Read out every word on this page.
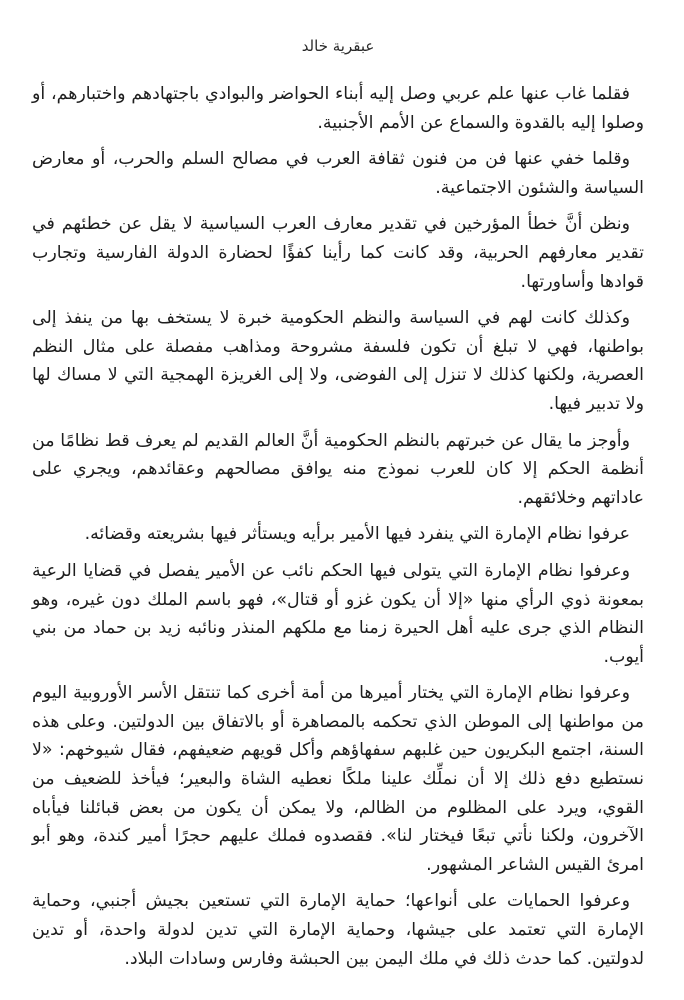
عبقرية خالد

فقلما غاب عنها علم عربي وصل إليه أبناء الحواضر والبوادي باجتهادهم واختبارهم، أو وصلوا إليه بالقدوة والسماع عن الأمم الأجنبية.

وقلما خفي عنها فن من فنون ثقافة العرب في مصالح السلم والحرب، أو معارض السياسة والشئون الاجتماعية.

ونظن أنَّ خطأ المؤرخين في تقدير معارف العرب السياسية لا يقل عن خطئهم في تقدير معارفهم الحربية، وقد كانت كما رأينا كفؤًا لحضارة الدولة الفارسية وتجارب قوادها وأساورتها.

وكذلك كانت لهم في السياسة والنظم الحكومية خبرة لا يستخف بها من ينفذ إلى بواطنها، فهي لا تبلغ أن تكون فلسفة مشروحة ومذاهب مفصلة على مثال النظم العصرية، ولكنها كذلك لا تنزل إلى الفوضى، ولا إلى الغريزة الهمجية التي لا مساك لها ولا تدبير فيها.

وأوجز ما يقال عن خبرتهم بالنظم الحكومية أنَّ العالم القديم لم يعرف قط نظامًا من أنظمة الحكم إلا كان للعرب نموذج منه يوافق مصالحهم وعقائدهم، ويجري على عاداتهم وخلائقهم.

عرفوا نظام الإمارة التي ينفرد فيها الأمير برأيه ويستأثر فيها بشريعته وقضائه.

وعرفوا نظام الإمارة التي يتولى فيها الحكم نائب عن الأمير يفصل في قضايا الرعية بمعونة ذوي الرأي منها «إلا أن يكون غزو أو قتال»، فهو باسم الملك دون غيره، وهو النظام الذي جرى عليه أهل الحيرة زمنا مع ملكهم المنذر ونائبه زيد بن حماد من بني أيوب.

وعرفوا نظام الإمارة التي يختار أميرها من أمة أخرى كما تنتقل الأسر الأوروبية اليوم من مواطنها إلى الموطن الذي تحكمه بالمصاهرة أو بالاتفاق بين الدولتين. وعلى هذه السنة، اجتمع البكريون حين غلبهم سفهاؤهم وأكل قويهم ضعيفهم، فقال شيوخهم: «لا نستطيع دفع ذلك إلا أن نملِّك علينا ملكًا نعطيه الشاة والبعير؛ فيأخذ للضعيف من القوي، ويرد على المظلوم من الظالم، ولا يمكن أن يكون من بعض قبائلنا فيأباه الآخرون، ولكنا نأتي تبعًا فيختار لنا». فقصدوه فملك عليهم حجرًا أمير كندة، وهو أبو امرئ القيس الشاعر المشهور.

وعرفوا الحمايات على أنواعها؛ حماية الإمارة التي تستعين بجيش أجنبي، وحماية الإمارة التي تعتمد على جيشها، وحماية الإمارة التي تدين لدولة واحدة، أو تدين لدولتين. كما حدث ذلك في ملك اليمن بين الحبشة وفارس وسادات البلاد.
